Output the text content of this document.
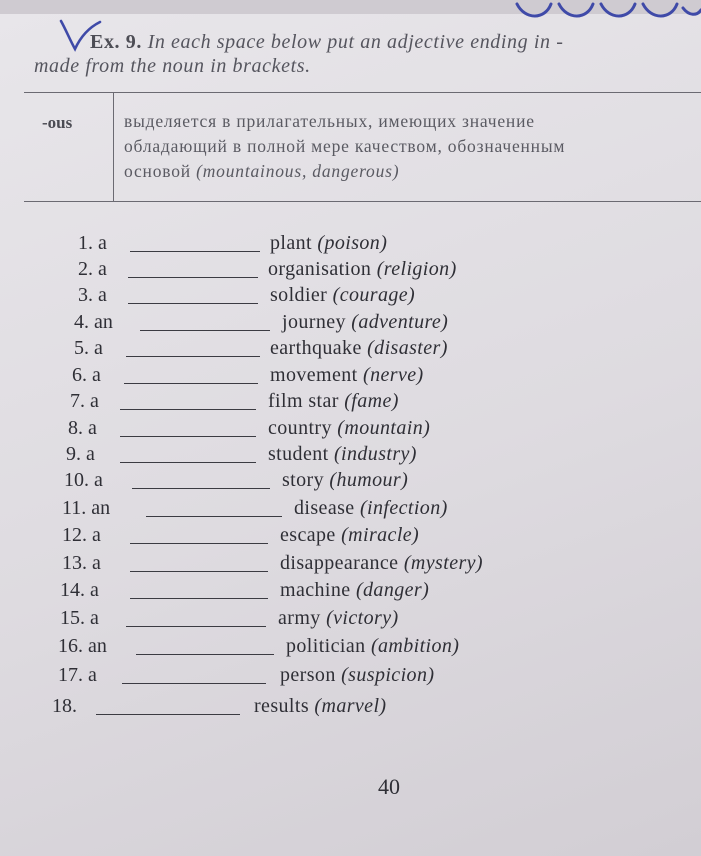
Ex. 9. In each space below put an adjective ending in -
made from the noun in brackets.
-ous	выделяется в прилагательных, имеющих значение
обладающий в полной мере качеством, обозначенным
основой (mountainous, dangerous)
1. a	plant (poison)
2. a	organisation (religion)
3. a	soldier (courage)
4. an	journey (adventure)
5. a	earthquake (disaster)
6. a	movement (nerve)
7. a	film star (fame)
8. a	country (mountain)
9. a	student (industry)
10. a	story (humour)
11. an	disease (infection)
12. a	escape (miracle)
13. a	disappearance (mystery)
14. a	machine (danger)
15. a	army (victory)
16. an	politician (ambition)
17. a	person (suspicion)
18.	results (marvel)
40
